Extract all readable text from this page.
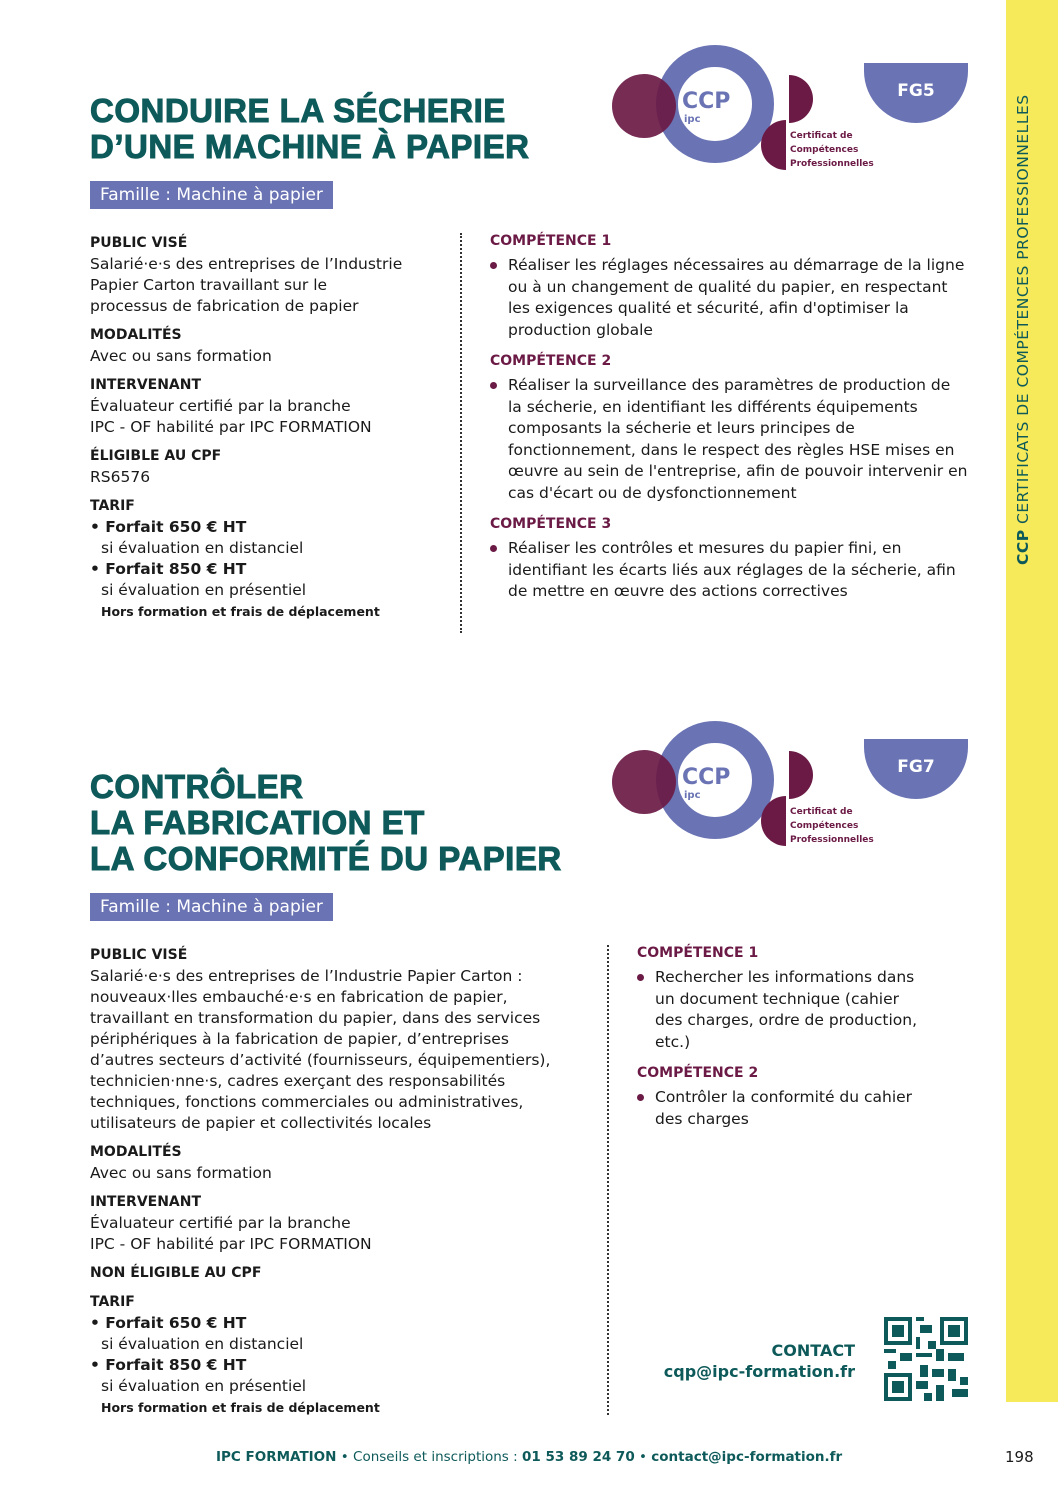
CCP CERTIFICATS DE COMPÉTENCES PROFESSIONNELLES
CCP
ipc
Certificat de
Compétences
Professionnelles
FG5
CONDUIRE LA SÉCHERIE
D’UNE MACHINE À PAPIER
Famille : Machine à papier
PUBLIC VISÉ
Salarié·e·s des entreprises de l’Industrie
Papier Carton travaillant sur le
processus de fabrication de papier
MODALITÉS
Avec ou sans formation
INTERVENANT
Évaluateur certifié par la branche
IPC - OF habilité par IPC FORMATION
ÉLIGIBLE AU CPF
RS6576
TARIF
• Forfait 650 € HT
si évaluation en distanciel
• Forfait 850 € HT
si évaluation en présentiel
Hors formation et frais de déplacement
COMPÉTENCE 1
Réaliser les réglages nécessaires au démarrage de la ligne ou à un changement de qualité du papier, en respectant les exigences qualité et sécurité, afin d'optimiser la production globale
COMPÉTENCE 2
Réaliser la surveillance des paramètres de production de la sécherie, en identifiant les différents équipements composants la sécherie et leurs principes de fonctionnement, dans le respect des règles HSE mises en œuvre au sein de l'entreprise, afin de pouvoir intervenir en cas d'écart ou de dysfonctionnement
COMPÉTENCE 3
Réaliser les contrôles et mesures du papier fini, en identifiant les écarts liés aux réglages de la sécherie, afin de mettre en œuvre des actions correctives
CCP
ipc
Certificat de
Compétences
Professionnelles
FG7
CONTRÔLER
LA FABRICATION ET
LA CONFORMITÉ DU PAPIER
Famille : Machine à papier
PUBLIC VISÉ
Salarié·e·s des entreprises de l’Industrie Papier Carton :
nouveaux·lles embauché·e·s en fabrication de papier,
travaillant en transformation du papier, dans des services
périphériques à la fabrication de papier, d’entreprises
d’autres secteurs d’activité (fournisseurs, équipementiers),
technicien·nne·s, cadres exerçant des responsabilités
techniques, fonctions commerciales ou administratives,
utilisateurs de papier et collectivités locales
MODALITÉS
Avec ou sans formation
INTERVENANT
Évaluateur certifié par la branche
IPC - OF habilité par IPC FORMATION
NON ÉLIGIBLE AU CPF
TARIF
• Forfait 650 € HT
si évaluation en distanciel
• Forfait 850 € HT
si évaluation en présentiel
Hors formation et frais de déplacement
COMPÉTENCE 1
Rechercher les informations dans un document technique (cahier des charges, ordre de production, etc.)
COMPÉTENCE 2
Contrôler la conformité du cahier des charges
CONTACT
cqp@ipc-formation.fr
IPC FORMATION • Conseils et inscriptions : 01 53 89 24 70 • contact@ipc-formation.fr	198
